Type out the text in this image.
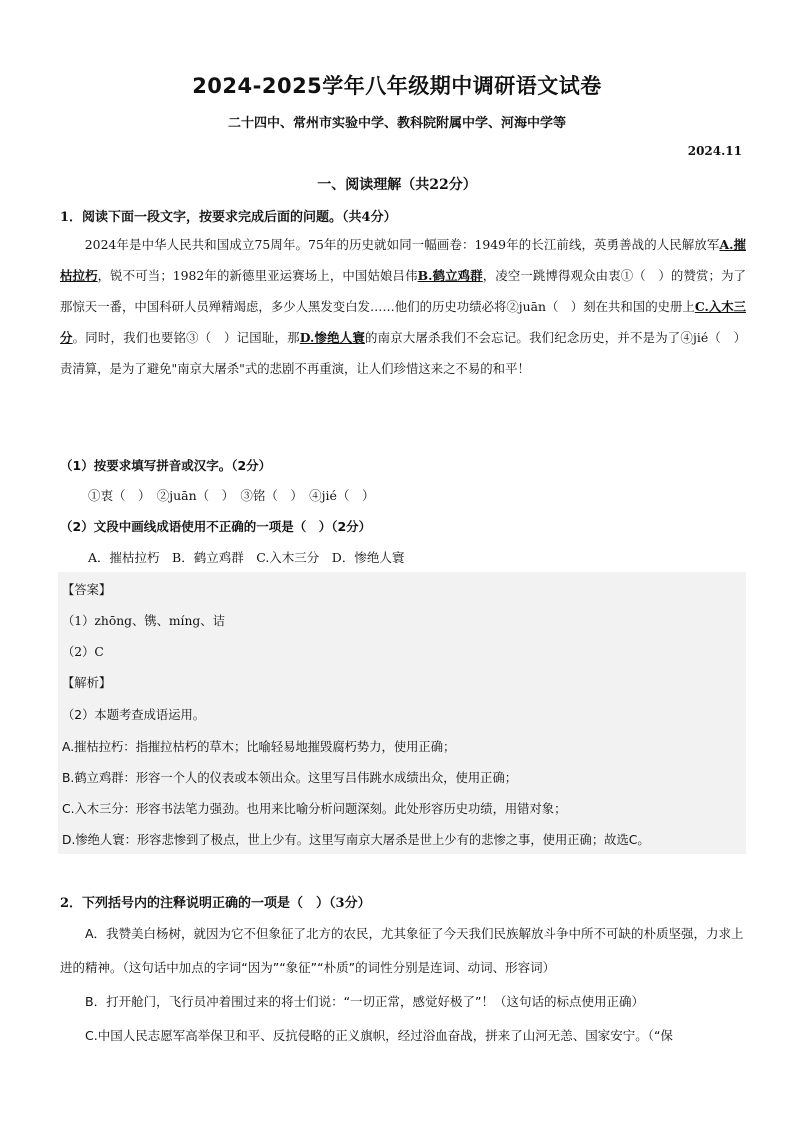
2024-2025学年八年级期中调研语文试卷
二十四中、常州市实验中学、教科院附属中学、河海中学等
2024.11
一、阅读理解（共22分）
1．阅读下面一段文字，按要求完成后面的问题。（共4分）
2024年是中华人民共和国成立75周年。75年的历史就如同一幅画卷：1949年的长江前线，英勇善战的人民解放军A.摧枯拉朽，锐不可当；1982年的新德里亚运赛场上，中国姑娘吕伟B.鹤立鸡群，凌空一跳博得观众由衷①（　）的赞赏；为了那惊天一番，中国科研人员殚精竭虑，多少人黑发变白发……他们的历史功绩必将②juān（　）刻在共和国的史册上C.入木三分。同时，我们也要铭③（　）记国耻，那D.惨绝人寰的南京大屠杀我们不会忘记。我们纪念历史，并不是为了④jié（　）责清算，是为了避免"南京大屠杀"式的悲剧不再重演，让人们珍惜这来之不易的和平！
（1）按要求填写拼音或汉字。（2分）
①衷（　）　②juān（　）　③铭（　）　④jié（　）
（2）文段中画线成语使用不正确的一项是（　）（2分）
A．摧枯拉朽　B．鹤立鸡群　C.入木三分　D．惨绝人寰
【答案】
（1）zhōng、镌、míng、诘
（2）C
【解析】
（2）本题考查成语运用。
A.摧枯拉朽：指摧拉枯朽的草木；比喻轻易地摧毁腐朽势力，使用正确；
B.鹤立鸡群：形容一个人的仪表或本领出众。这里写吕伟跳水成绩出众，使用正确；
C.入木三分：形容书法笔力强劲。也用来比喻分析问题深刻。此处形容历史功绩，用错对象；
D.惨绝人寰：形容悲惨到了极点，世上少有。这里写南京大屠杀是世上少有的悲惨之事，使用正确；故选C。
2．下列括号内的注释说明正确的一项是（　）（3分）
A．我赞美白杨树，就因为它不但象征了北方的农民，尤其象征了今天我们民族解放斗争中所不可缺的朴质坚强，力求上进的精神。（这句话中加点的字词“因为”“象征”“朴质”的词性分别是连词、动词、形容词）
B．打开舱门，飞行员冲着围过来的将士们说：“一切正常，感觉好极了”！（这句话的标点使用正确）
C.中国人民志愿军高举保卫和平、反抗侵略的正义旗帜，经过浴血奋战，拼来了山河无恙、国家安宁。（“保
